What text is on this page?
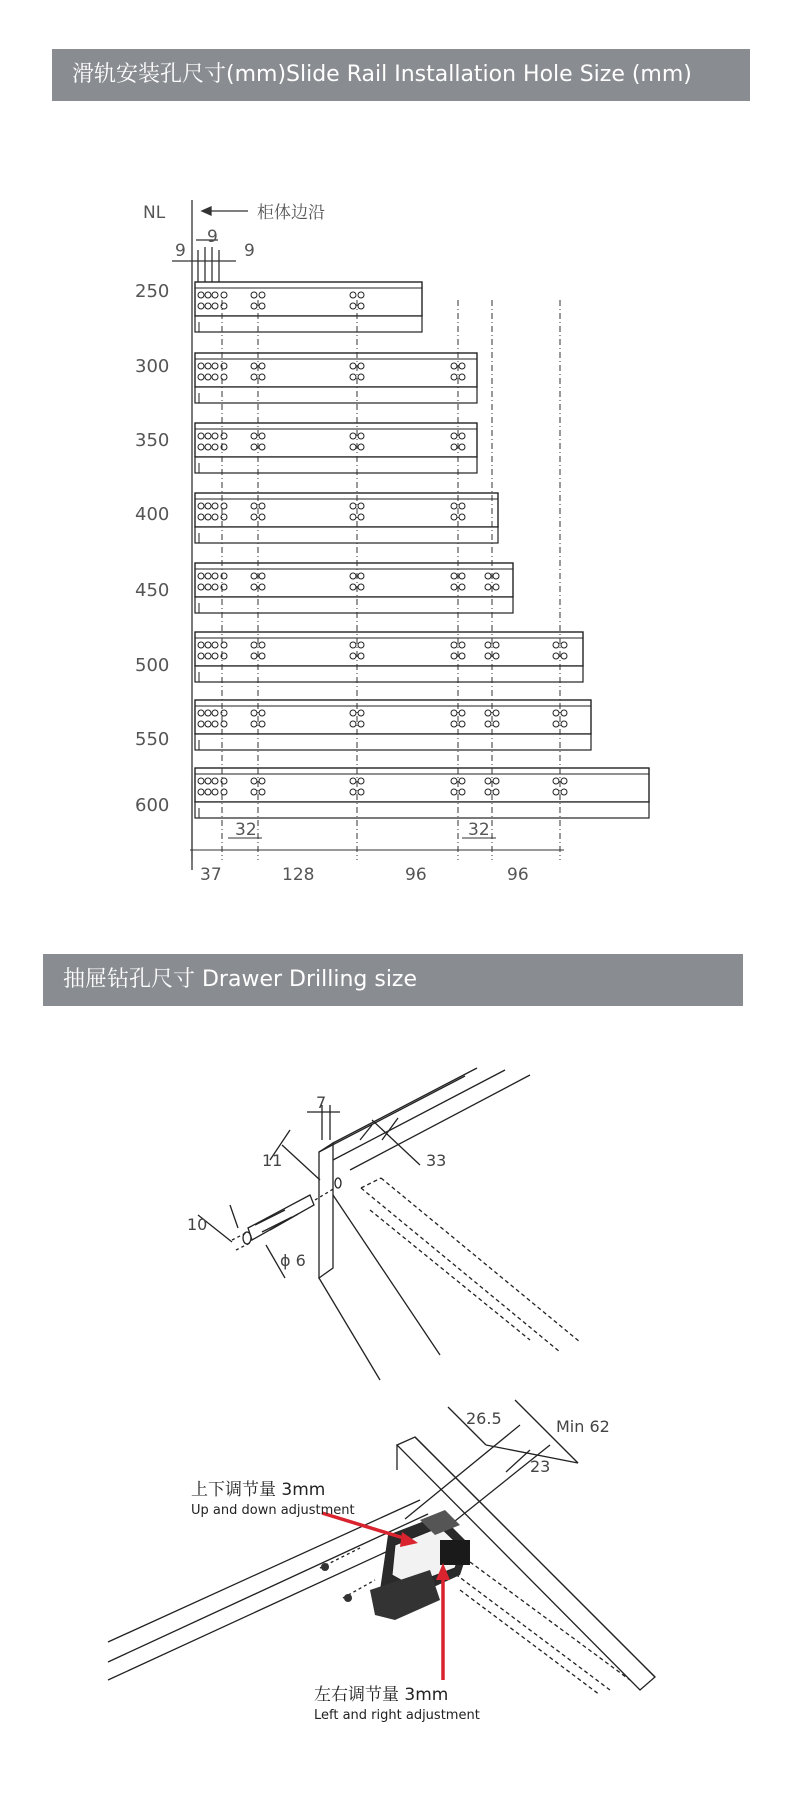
滑轨安装孔尺寸(mm)Slide Rail Installation Hole Size (mm)
NL	柜体边沿
9
9
9
250
300
350
400
450
500
550
600
32	32
37	128	96	96
抽屉钻孔尺寸 Drawer Drilling size
7
11	33
10
ϕ 6
26.5	Min 62
23
上下调节量 3mm
Up and down adjustment
左右调节量 3mm
Left and right adjustment
